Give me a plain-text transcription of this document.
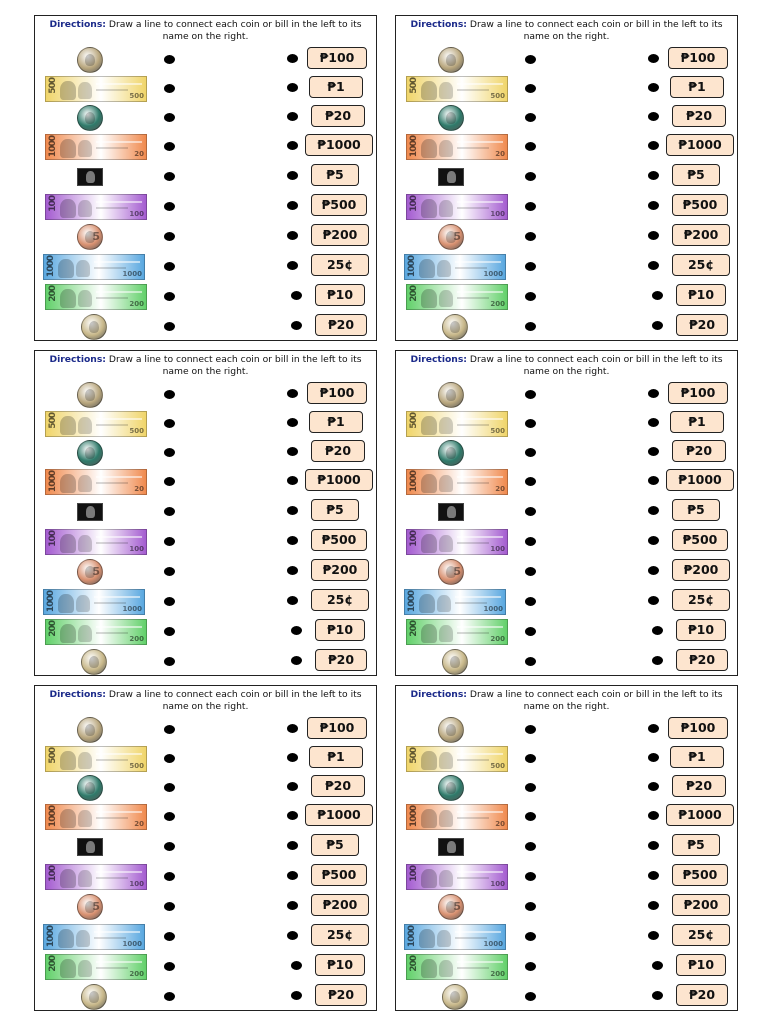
Directions: Draw a line to connect each coin or bill in the left to its name on the right.
₱100
500
500
₱1
₱20
1000	20
₱1000
₱5
100
100
₱500
5	₱200
1000	1000
25¢
200
200
₱10
₱20
Directions: Draw a line to connect each coin or bill in the left to its name on the right.
₱100
500
500
₱1
₱20
1000	20
₱1000
₱5
100
100
₱500
5	₱200
1000	1000
25¢
200
200
₱10
₱20
Directions: Draw a line to connect each coin or bill in the left to its name on the right.
₱100
500
500
₱1
₱20
1000	20
₱1000
₱5
100
100
₱500
5	₱200
1000	1000
25¢
200
200
₱10
₱20
Directions: Draw a line to connect each coin or bill in the left to its name on the right.
₱100
500
500
₱1
₱20
1000	20
₱1000
₱5
100
100
₱500
5	₱200
1000	1000
25¢
200
200
₱10
₱20
Directions: Draw a line to connect each coin or bill in the left to its name on the right.
₱100
500
500
₱1
₱20
1000	20
₱1000
₱5
100
100
₱500
5	₱200
1000	1000
25¢
200
200
₱10
₱20
Directions: Draw a line to connect each coin or bill in the left to its name on the right.
₱100
500
500
₱1
₱20
1000	20
₱1000
₱5
100
100
₱500
5	₱200
1000	1000
25¢
200
200
₱10
₱20
